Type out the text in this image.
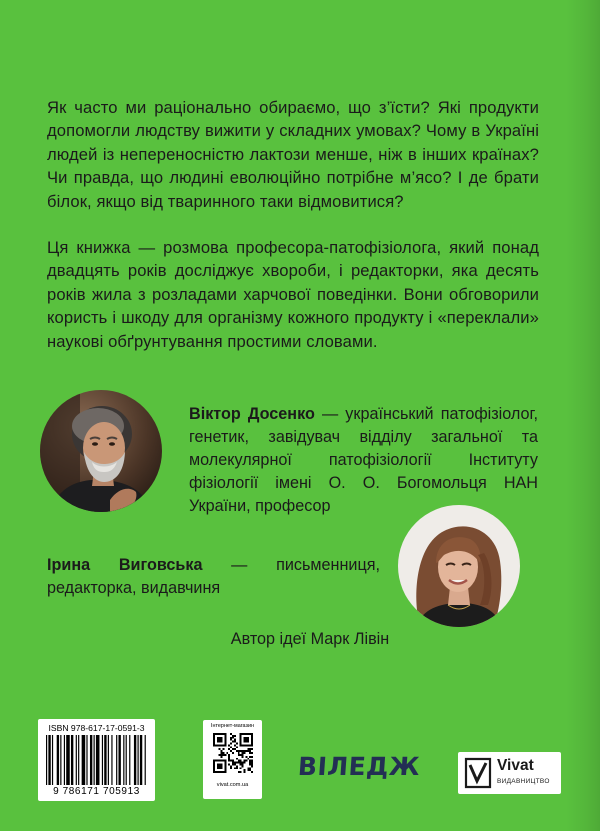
Як часто ми раціонально обираємо, що з’їсти? Які продукти допомогли людству вижити у складних умовах? Чому в Україні людей із непереносністю лактози менше, ніж в інших країнах? Чи правда, що людині еволюційно потрібне м’ясо? І де брати білок, якщо від тваринного таки відмовитися?

Ця книжка — розмова професора-патофізіолога, який понад двадцять років досліджує хвороби, і редакторки, яка десять років жила з розладами харчової поведінки. Вони обговорили користь і шкоду для організму кожного продукту і «переклали» наукові обґрунтування простими словами.

Віктор Досенко — український патофізіолог, генетик, завідувач відділу загальної та молекулярної патофізіології Інституту фізіології імені О. О. Богомольця НАН України, професор

Ірина Виговська — письменниця, редакторка, видавчиня

Автор ідеї Марк Лівін

ISBN 978-617-17-0591-3
9 786171 705913
Інтернет-магазин
vivat.com.ua
ВІЛЕДЖ	Vivat
ВИДАВНИЦТВО
